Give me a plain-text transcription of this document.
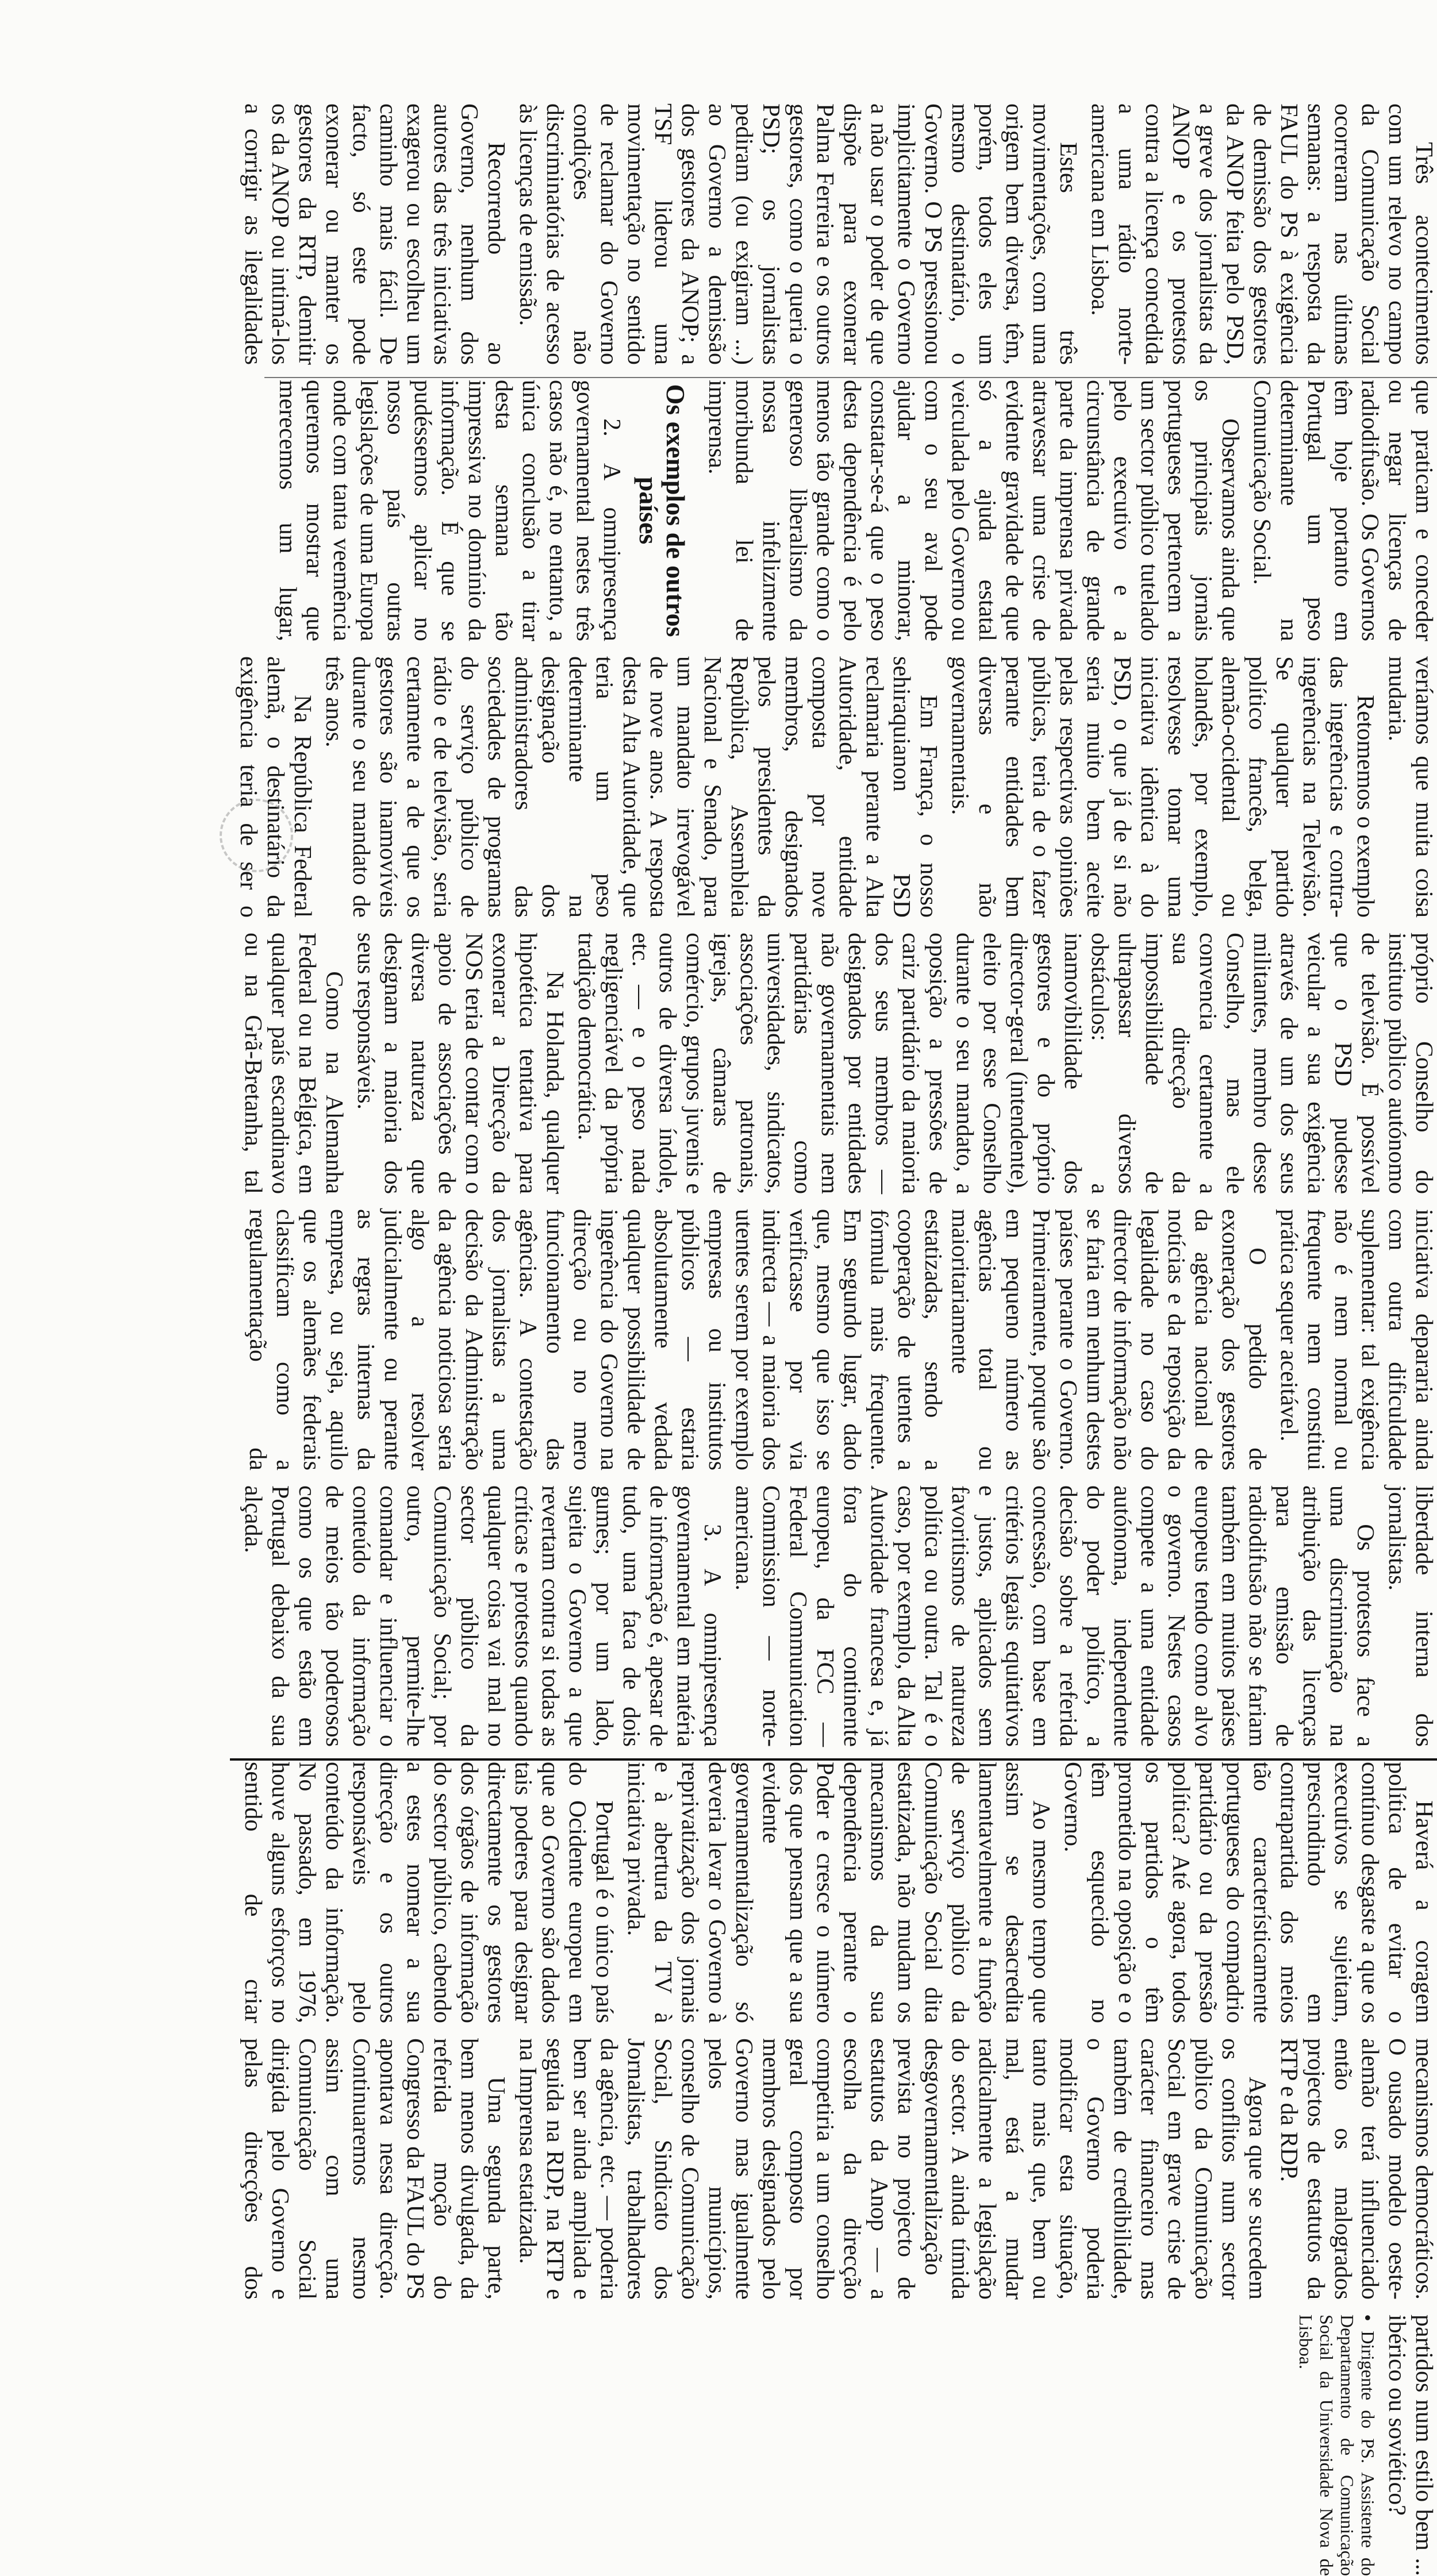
Três acontecimentos com um relevo no campo da Comunicação Social ocorreram nas últimas semanas: a resposta da FAUL do PS à exigência de demissão dos gestores da ANOP feita pelo PSD, a greve dos jornalistas da ANOP e os protestos contra a licença concedida a uma rádio norte-americana em Lisboa.

Estes três movimentações, com uma origem bem diversa, têm, porém, todos eles um mesmo destinatário, o Governo. O PS pressionou implicitamente o Governo a não usar o poder de que dispõe para exonerar Palma Ferreira e os outros gestores, como o queria o PSD; os jornalistas pediram (ou exigiram ...) ao Governo a demissão dos gestores da ANOP; a TSF liderou uma movimentação no sentido de reclamar do Governo condições não discriminatórias de acesso às licenças de emissão.

Recorrendo ao Governo, nenhum dos autores das três iniciativas exagerou ou escolheu um caminho mais fácil. De facto, só este pode exonerar ou manter os gestores da RTP, demitir os da ANOP ou intimá-los a corrigir as ilegalidades que praticam e conceder ou negar licenças de radiodifusão. Os Governos têm hoje portanto em Portugal um peso determinante na Comunicação Social.

Observamos ainda que os principais jornais portugueses pertencem a um sector público tutelado pelo executivo e a circunstância de grande parte da imprensa privada atravessar uma crise de evidente gravidade de que só a ajuda estatal veiculada pelo Governo ou com o seu aval pode ajudar a minorar, constatar-se-á que o peso desta dependência é pelo menos tão grande como o generoso liberalismo da nossa infelizmente moribunda lei de imprensa.

Os exemplos de outros países

2. A omnipresença governamental nestes três casos não é, no entanto, a única conclusão a tirar desta semana tão impressiva no domínio da informação. É que se pudéssemos aplicar no nosso país outras legislações de uma Europa onde com tanta veemência queremos mostrar que merecemos um lugar, veríamos que muita coisa mudaria.

Retomemos o exemplo das ingerências e contra-ingerências na Televisão. Se qualquer partido político francês, belga, alemão-ocidental ou holandês, por exemplo, resolvesse tomar uma iniciativa idêntica à do PSD, o que já de si não seria muito bem aceite pelas respectivas opiniões públicas, teria de o fazer perante entidades bem diversas e não governamentais.

Em França, o nosso sehiraquianon PSD reclamaria perante a Alta Autoridade, entidade composta por nove membros, designados pelos presidentes da República, Assembleia Nacional e Senado, para um mandato irrevogável de nove anos. A resposta desta Alta Autoridade, que teria um peso determinante na designação dos administradores das sociedades de programas do serviço público de rádio e de televisão, seria certamente a de que os gestores são inamovíveis durante o seu mandato de três anos.

Na República Federal alemã, o destinatário da exigência teria de ser o próprio Conselho do instituto público autónomo de televisão. É possível que o PSD pudesse veicular a sua exigência através de um dos seus militantes, membro desse Conselho, mas ele convencia certamente a sua direcção da impossibilidade de ultrapassar diversos obstáculos: a inamovibilidade dos gestores e do próprio director-geral (intendente), eleito por esse Conselho durante o seu mandato, a oposição a pressões de cariz partidário da maioria dos seus membros — designados por entidades não governamentais nem partidárias como universidades, sindicatos, associações patronais, igrejas, câmaras de comércio, grupos juvenis e outros de diversa índole, etc. — e o peso nada negligenciável da própria tradição democrática.

Na Holanda, qualquer hipotética tentativa para exonerar a Direcção da NOS teria de contar com o apoio de associações de diversa natureza que designam a maioria dos seus responsáveis.

Como na Alemanha Federal ou na Bélgica, em qualquer país escandinavo ou na Grã-Bretanha, tal iniciativa depararia ainda com outra dificuldade suplementar: tal exigência não é nem normal ou frequente nem constitui prática sequer aceitável.

O pedido de exoneração dos gestores da agência nacional de notícias e da reposição da legalidade no caso do director de informação não se faria em nenhum destes países perante o Governo. Primeiramente, porque são em pequeno número as agências total ou maioritariamente estatizadas, sendo a cooperação de utentes a fórmula mais frequente. Em segundo lugar, dado que, mesmo que isso se verificasse por via indirecta — a maioria dos utentes serem por exemplo empresas ou institutos públicos — estaria absolutamente vedada qualquer possibilidade de ingerência do Governo na direcção ou no mero funcionamento das agências. A contestação dos jornalistas a uma decisão da Administração da agência noticiosa seria algo a resolver judicialmente ou perante as regras internas da empresa, ou seja, aquilo que os alemães federais classificam como a regulamentação da liberdade interna dos jornalistas.

Os protestos face a uma discriminação na atribuição das licenças para emissão de radiodifusão não se fariam também em muitos países europeus tendo como alvo o governo. Nestes casos compete a uma entidade autónoma, independente do poder político, a decisão sobre a referida concessão, com base em critérios legais equitativos e justos, aplicados sem favoritismos de natureza política ou outra. Tal é o caso, por exemplo, da Alta Autoridade francesa e, já fora do continente europeu, da FCC — Federal Communication Commission — norte-americana.

3. A omnipresença governamental em matéria de informação é, apesar de tudo, uma faca de dois gumes; por um lado, sujeita o Governo a que revertam contra si todas as críticas e protestos quando qualquer coisa vai mal no sector público da Comunicação Social; por outro, permite-lhe comandar e influenciar o conteúdo da informação de meios tão poderosos como os que estão em Portugal debaixo da sua alçada.

Haverá a coragem política de evitar o contínuo desgaste a que os executivos se sujeitam, prescindindo em contrapartida dos meios tão característicamente portugueses do compadrio partidário ou da pressão política? Até agora, todos os partidos o têm prometido na oposição e o têm esquecido no Governo.

Ao mesmo tempo que assim se desacredita lamentavelmente a função de serviço público da Comunicação Social dita estatizada, não mudam os mecanismos da sua dependência perante o Poder e cresce o número dos que pensam que a sua evidente governamentalização só deveria levar o Governo à reprivatização dos jornais e à abertura da TV à iniciativa privada.

Portugal é o único país do Ocidente europeu em que ao Governo são dados tais poderes para designar directamente os gestores dos órgãos de informação do sector público, cabendo a estes nomear a sua direcção e os outros responsáveis pelo conteúdo da informação. No passado, em 1976, houve alguns esforços no sentido de criar mecanismos democráticos. O ousado modelo oeste-alemão terá influenciado então os malogrados projectos de estatutos da RTP e da RDP.

Agora que se sucedem os conflitos num sector público da Comunicação Social em grave crise de carácter financeiro mas também de credibilidade, o Governo poderia modificar esta situação, tanto mais que, bem ou mal, está a mudar radicalmente a legislação do sector. A ainda tímida desgovernamentalização prevista no projecto de estatutos da Anop — a escolha da direcção competiria a um conselho geral composto por membros designados pelo Governo mas igualmente pelos municípios, conselho de Comunicação Social, Sindicato dos Jornalistas, trabalhadores da agência, etc. — poderia bem ser ainda ampliada e seguida na RDP, na RTP e na Imprensa estatizada.

Uma segunda parte, bem menos divulgada, da referida moção do Congresso da FAUL do PS apontava nessa direcção. Continuaremos nesmo assim com uma Comunicação Social dirigida pelo Governo e pelas direcções dos partidos num estilo bem ... ibérico ou soviético?

• Dirigente do PS. Assistente do Departamento de Comunicação Social da Universidade Nova de Lisboa.
